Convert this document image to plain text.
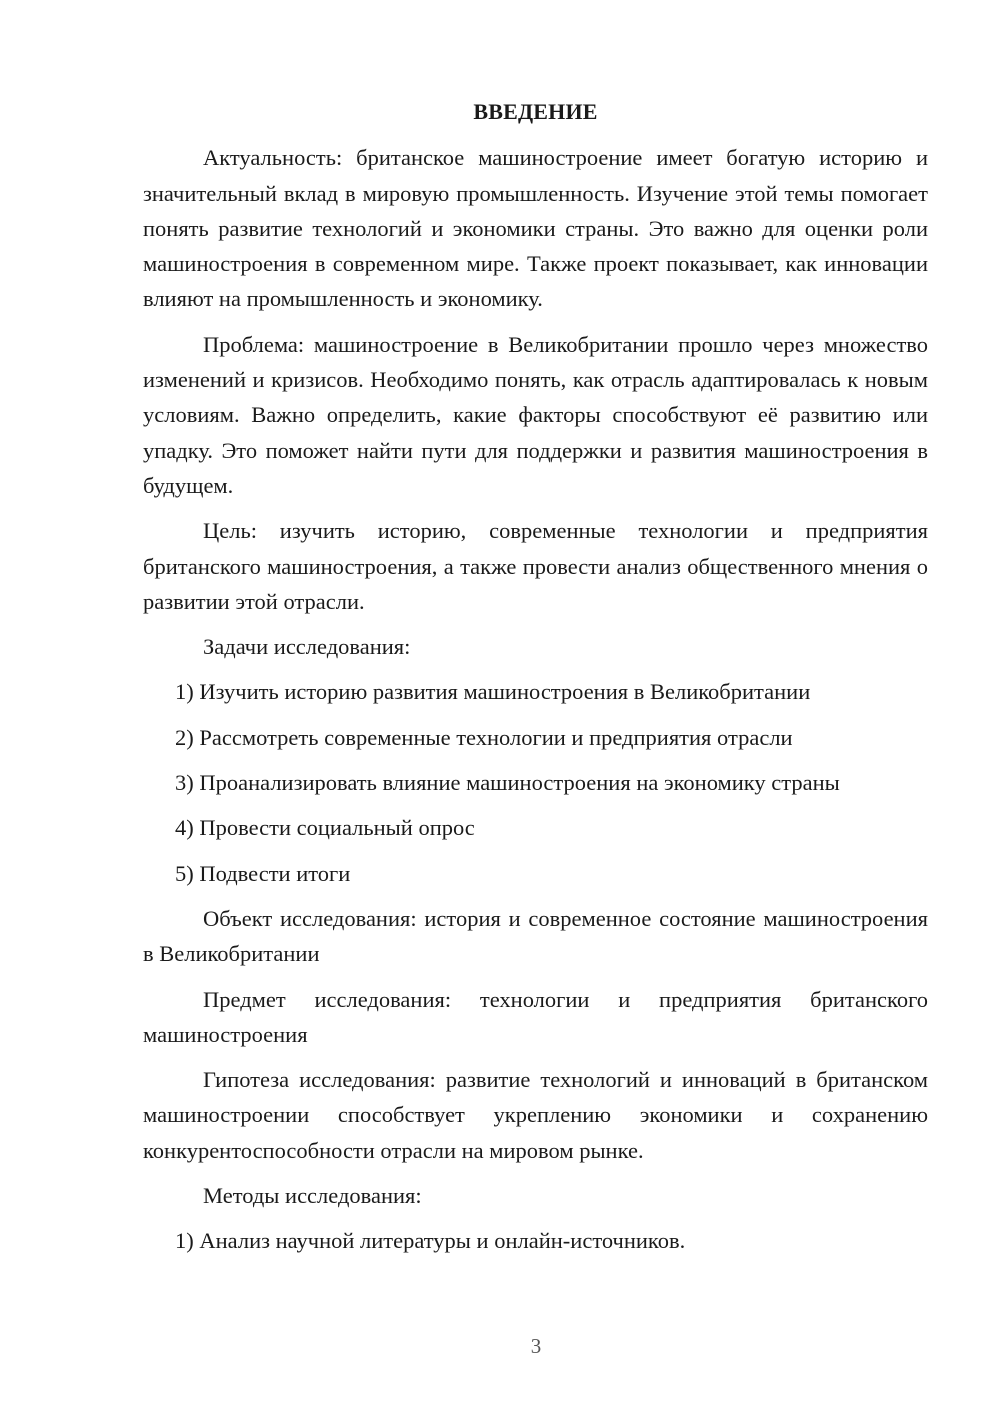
ВВЕДЕНИЕ

Актуальность: британское машиностроение имеет богатую историю и значительный вклад в мировую промышленность. Изучение этой темы помогает понять развитие технологий и экономики страны. Это важно для оценки роли машиностроения в современном мире. Также проект показывает, как инновации влияют на промышленность и экономику.

Проблема: машиностроение в Великобритании прошло через множество изменений и кризисов. Необходимо понять, как отрасль адаптировалась к новым условиям. Важно определить, какие факторы способствуют её развитию или упадку. Это поможет найти пути для поддержки и развития машиностроения в будущем.

Цель: изучить историю, современные технологии и предприятия британского машиностроения, а также провести анализ общественного мнения о развитии этой отрасли.

Задачи исследования:

1) Изучить историю развития машиностроения в Великобритании
2) Рассмотреть современные технологии и предприятия отрасли
3) Проанализировать влияние машиностроения на экономику страны
4) Провести социальный опрос
5) Подвести итоги

Объект исследования: история и современное состояние машиностроения в Великобритании

Предмет исследования: технологии и предприятия британского машиностроения

Гипотеза исследования: развитие технологий и инноваций в британском машиностроении способствует укреплению экономики и сохранению конкурентоспособности отрасли на мировом рынке.

Методы исследования:

1) Анализ научной литературы и онлайн-источников.
3
